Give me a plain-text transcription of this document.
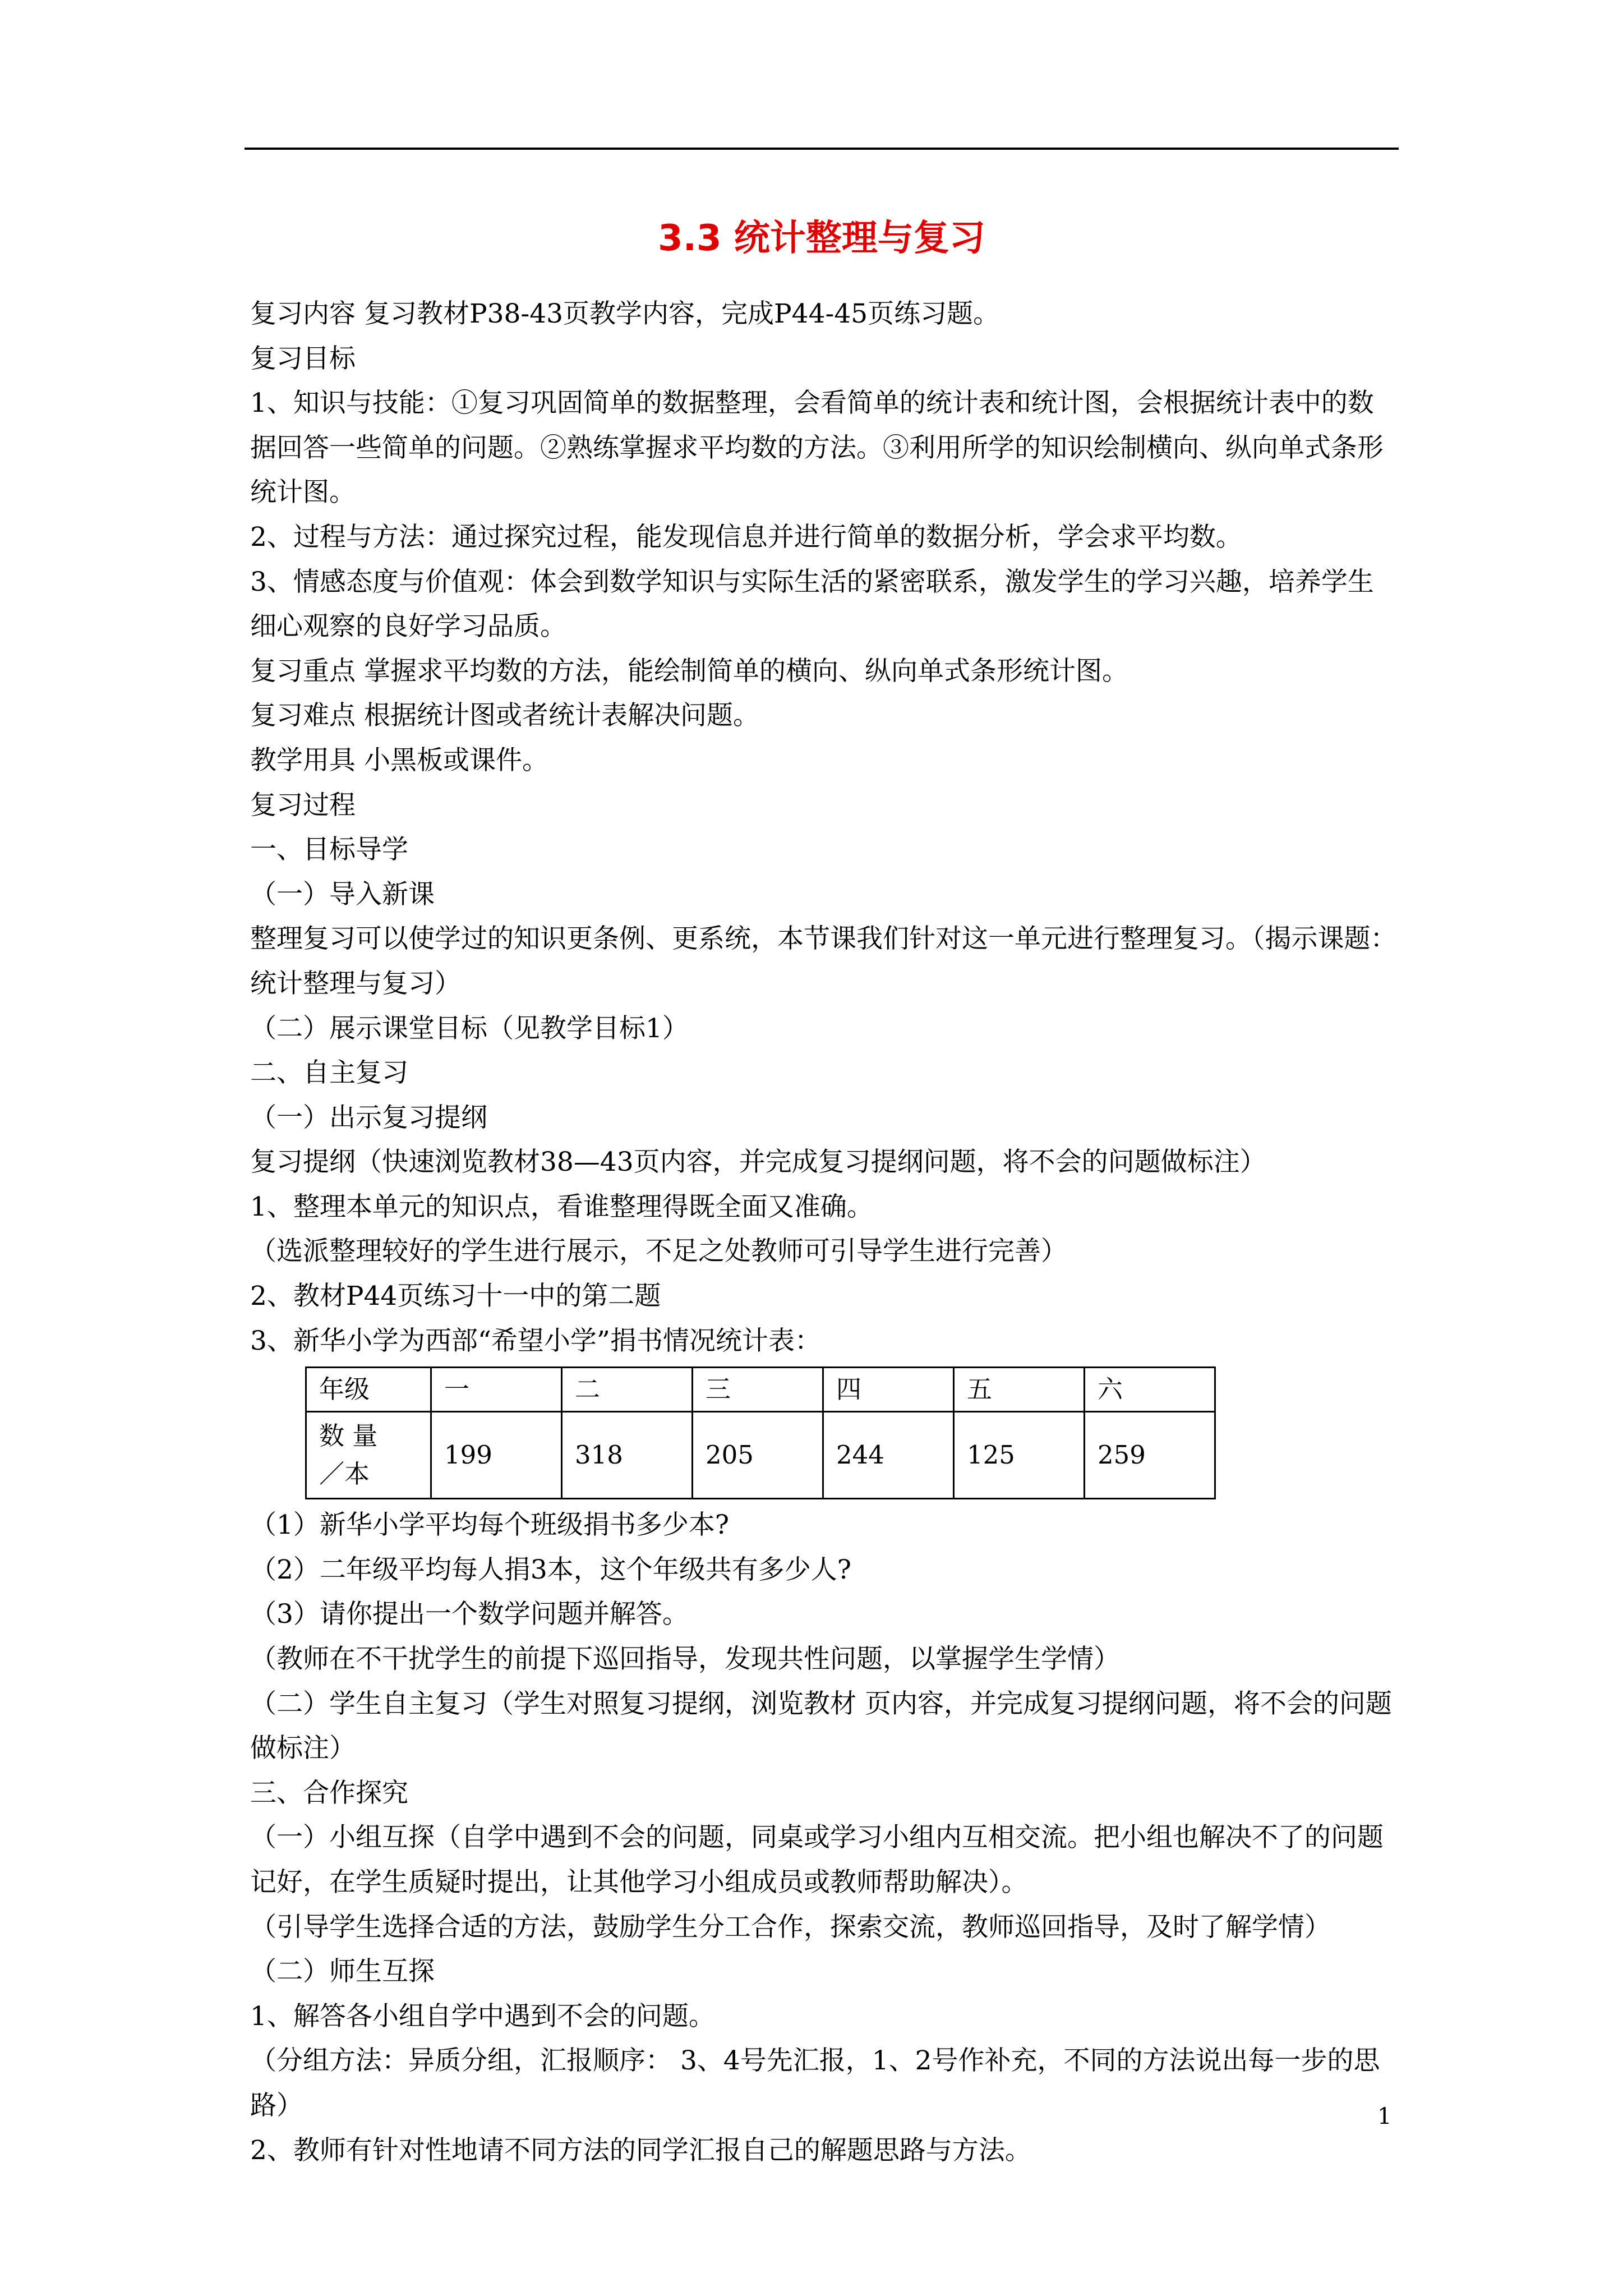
3.3 统计整理与复习

复习内容 复习教材P38-43页教学内容，完成P44-45页练习题。

复习目标

1、知识与技能：①复习巩固简单的数据整理，会看简单的统计表和统计图，会根据统计表中的数据回答一些简单的问题。②熟练掌握求平均数的方法。③利用所学的知识绘制横向、纵向单式条形统计图。

2、过程与方法：通过探究过程，能发现信息并进行简单的数据分析，学会求平均数。

3、情感态度与价值观：体会到数学知识与实际生活的紧密联系，激发学生的学习兴趣，培养学生细心观察的良好学习品质。

复习重点 掌握求平均数的方法，能绘制简单的横向、纵向单式条形统计图。

复习难点 根据统计图或者统计表解决问题。

教学用具 小黑板或课件。

复习过程

一、目标导学

（一）导入新课

整理复习可以使学过的知识更条例、更系统，本节课我们针对这一单元进行整理复习。（揭示课题：统计整理与复习）

（二）展示课堂目标（见教学目标1）

二、自主复习

（一）出示复习提纲

复习提纲（快速浏览教材38—43页内容，并完成复习提纲问题，将不会的问题做标注）

1、整理本单元的知识点，看谁整理得既全面又准确。

（选派整理较好的学生进行展示，不足之处教师可引导学生进行完善）

2、教材P44页练习十一中的第二题

3、新华小学为西部“希望小学”捐书情况统计表：

年级	一	二	三	四	五	六

数 量
／本	199	318	205	244	125	259

（1）新华小学平均每个班级捐书多少本?

（2）二年级平均每人捐3本，这个年级共有多少人?

（3）请你提出一个数学问题并解答。

（教师在不干扰学生的前提下巡回指导，发现共性问题，以掌握学生学情）

（二）学生自主复习（学生对照复习提纲，浏览教材 页内容，并完成复习提纲问题，将不会的问题做标注）

三、合作探究

（一）小组互探（自学中遇到不会的问题，同桌或学习小组内互相交流。把小组也解决不了的问题记好，在学生质疑时提出，让其他学习小组成员或教师帮助解决）。

（引导学生选择合适的方法，鼓励学生分工合作，探索交流，教师巡回指导，及时了解学情）

（二）师生互探

1、解答各小组自学中遇到不会的问题。

（分组方法：异质分组，汇报顺序： 3、4号先汇报，1、2号作补充，不同的方法说出每一步的思路）

2、教师有针对性地请不同方法的同学汇报自己的解题思路与方法。

1
